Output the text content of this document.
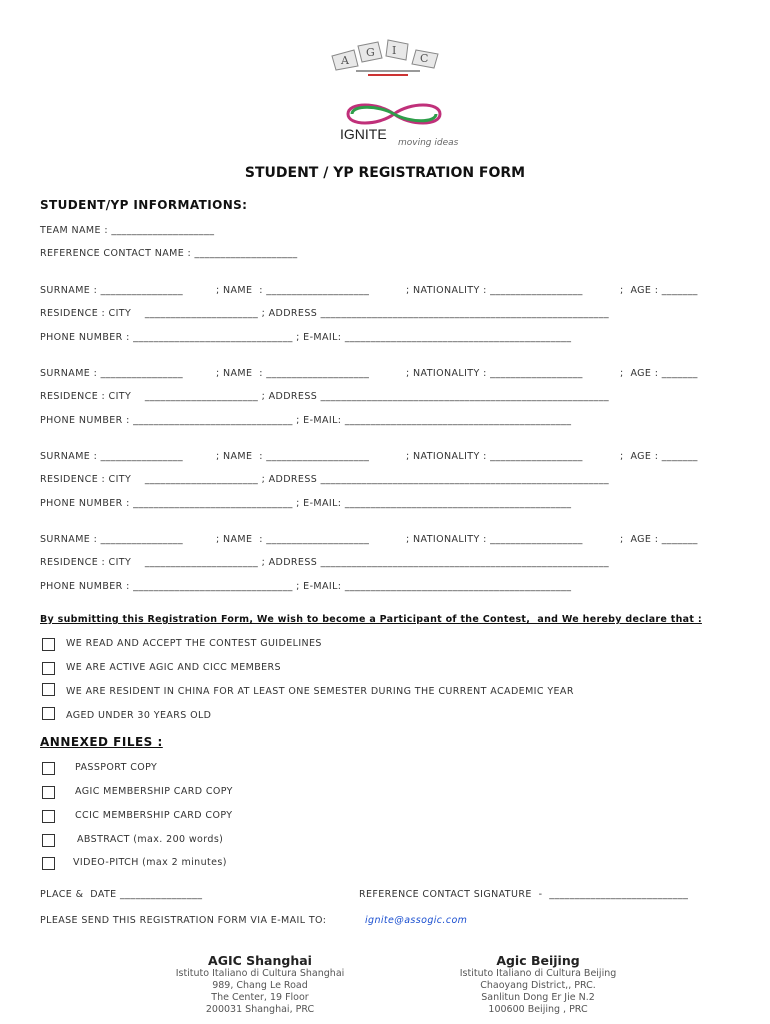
A
G I
C
IGNITE
moving ideas
STUDENT / YP REGISTRATION FORM
STUDENT/YP INFORMATIONS:
TEAM NAME : ____________________
REFERENCE CONTACT NAME : ____________________
SURNAME : ________________	; NAME  : ____________________	; NATIONALITY : __________________	;  AGE : _______
RESIDENCE : CITY    ______________________ ; ADDRESS ________________________________________________________
PHONE NUMBER : _______________________________ ; E-MAIL: ____________________________________________
SURNAME : ________________	; NAME  : ____________________	; NATIONALITY : __________________	;  AGE : _______
RESIDENCE : CITY    ______________________ ; ADDRESS ________________________________________________________
PHONE NUMBER : _______________________________ ; E-MAIL: ____________________________________________
SURNAME : ________________	; NAME  : ____________________	; NATIONALITY : __________________	;  AGE : _______
RESIDENCE : CITY    ______________________ ; ADDRESS ________________________________________________________
PHONE NUMBER : _______________________________ ; E-MAIL: ____________________________________________
SURNAME : ________________	; NAME  : ____________________	; NATIONALITY : __________________	;  AGE : _______
RESIDENCE : CITY    ______________________ ; ADDRESS ________________________________________________________
PHONE NUMBER : _______________________________ ; E-MAIL: ____________________________________________
By submitting this Registration Form, We wish to become a Participant of the Contest,  and We hereby declare that :
WE READ AND ACCEPT THE CONTEST GUIDELINES
WE ARE ACTIVE AGIC AND CICC MEMBERS
WE ARE RESIDENT IN CHINA FOR AT LEAST ONE SEMESTER DURING THE CURRENT ACADEMIC YEAR
AGED UNDER 30 YEARS OLD
ANNEXED FILES :
PASSPORT COPY
AGIC MEMBERSHIP CARD COPY
CCIC MEMBERSHIP CARD COPY
ABSTRACT (max. 200 words)
VIDEO-PITCH (max 2 minutes)
PLACE &  DATE ________________	REFERENCE CONTACT SIGNATURE  -  ___________________________
PLEASE SEND THIS REGISTRATION FORM VIA E-MAIL TO:	ignite@assogic.com
AGIC Shanghai
Istituto Italiano di Cultura Shanghai
989, Chang Le Road
The Center, 19 Floor
200031 Shanghai, PRC
Agic Beijing
Istituto Italiano di Cultura Beijing
Chaoyang District,, PRC.
Sanlitun Dong Er Jie N.2
100600 Beijing , PRC
